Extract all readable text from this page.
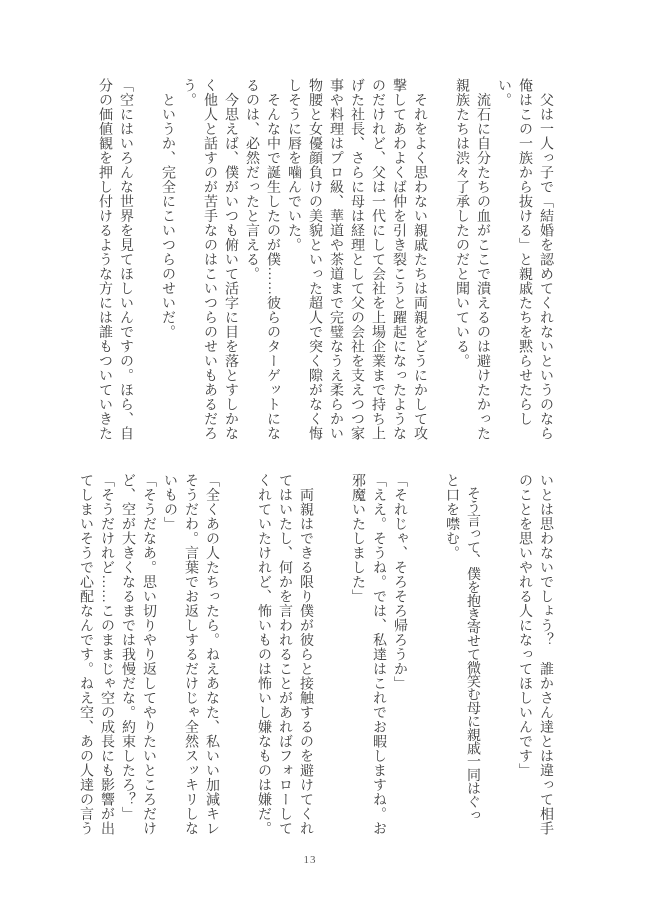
　父は一人っ子で「結婚を認めてくれないというのなら

俺はこの一族から抜ける」と親戚たちを黙らせたらし

い。

　流石に自分たちの血がここで潰えるのは避けたかった

親族たちは渋々了承したのだと聞いている。

　それをよく思わない親戚たちは両親をどうにかして攻

撃してあわよくば仲を引き裂こうと躍起になったような

のだけれど、父は一代にして会社を上場企業まで持ち上

げた社長、さらに母は経理として父の会社を支えつつ家

事や料理はプロ級、華道や茶道まで完璧なうえ柔らかい

物腰と女優顔負けの美貌といった超人で突く隙がなく悔

しそうに唇を噛んでいた。

　そんな中で誕生したのが僕……彼らのターゲットにな

るのは、必然だったと言える。

　今思えば、僕がいつも俯いて活字に目を落とすしかな

く他人と話すのが苦手なのはこいつらのせいもあるだろ

う。

　というか、完全にこいつらのせいだ。

「空にはいろんな世界を見てほしいんですの。ほら、自

分の価値観を押し付けるような方には誰もついていきた

いとは思わないでしょう？　誰かさん達とは違って相手

のことを思いやれる人になってほしいんです」

　そう言って、僕を抱き寄せて微笑む母に親戚一同はぐっ

と口を噤む。

「それじゃ、そろそろ帰ろうか」

「ええ。そうね。では、私達はこれでお暇しますね。お

邪魔いたしました」

　両親はできる限り僕が彼らと接触するのを避けてくれ

てはいたし、何かを言われることがあればフォローして

くれていたけれど、怖いものは怖いし嫌なものは嫌だ。

「全くあの人たちったら。ねえあなた、私いい加減キレ

そうだわ。言葉でお返しするだけじゃ全然スッキリしな

いもの」

「そうだなあ。思い切りやり返してやりたいところだけ

ど、空が大きくなるまでは我慢だな。約束したろ？」

「そうだけれど……このままじゃ空の成長にも影響が出

てしまいそうで心配なんです。ねえ空、あの人達の言う

13
